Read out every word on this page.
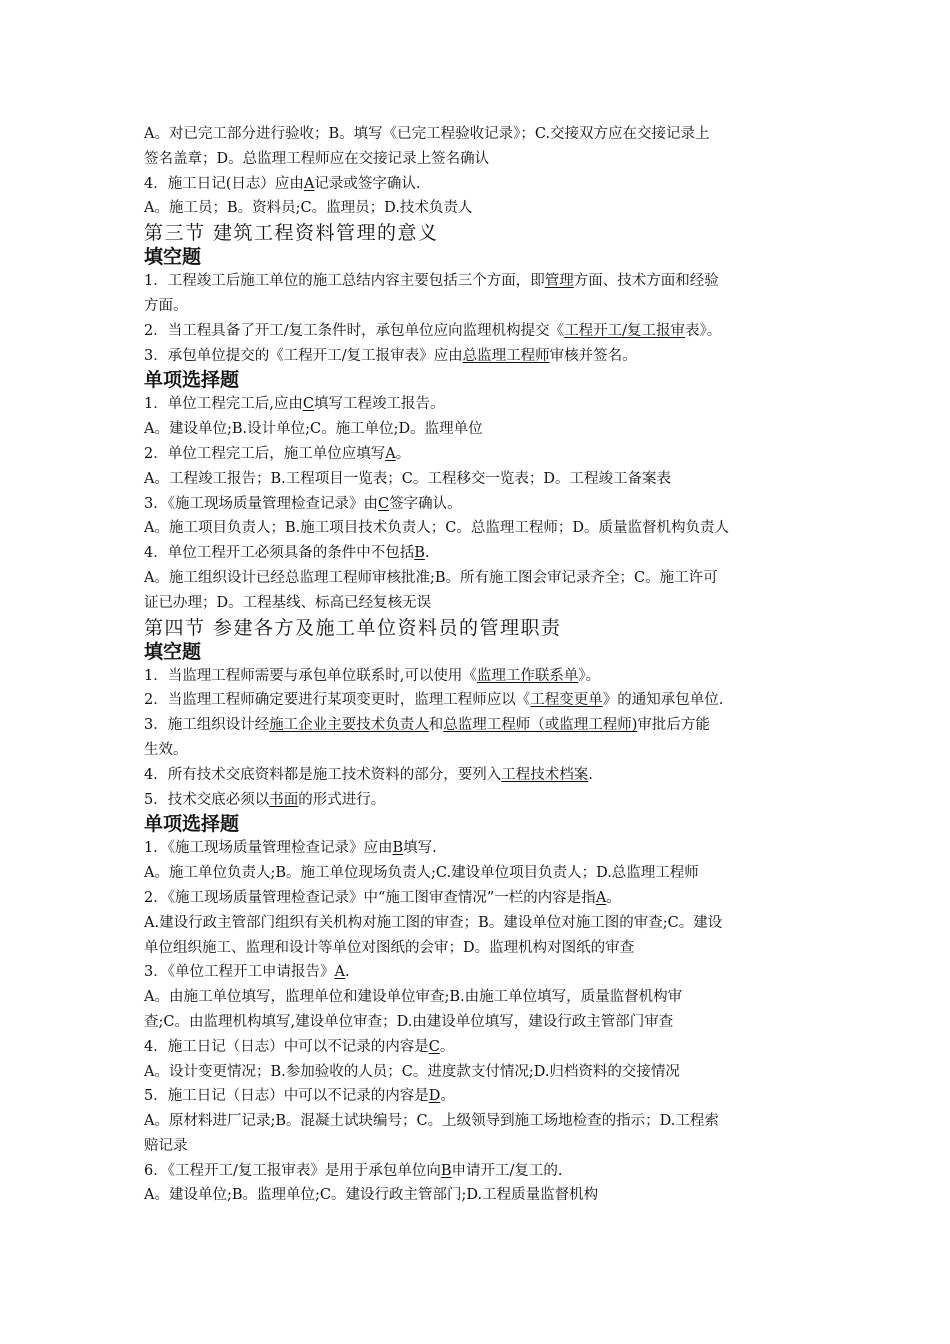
A。对已完工部分进行验收；B。填写《已完工程验收记录》；C.交接双方应在交接记录上
签名盖章；D。总监理工程师应在交接记录上签名确认
4．施工日记(日志）应由A记录或签字确认.
A。施工员；B。资料员;C。监理员；D.技术负责人
第三节 建筑工程资料管理的意义
填空题
1．工程竣工后施工单位的施工总结内容主要包括三个方面，即管理方面、技术方面和经验
方面。
2．当工程具备了开工/复工条件时，承包单位应向监理机构提交《工程开工/复工报审表》。
3．承包单位提交的《工程开工/复工报审表》应由总监理工程师审核并签名。
单项选择题
1．单位工程完工后,应由C填写工程竣工报告。
A。建设单位;B.设计单位;C。施工单位;D。监理单位
2．单位工程完工后，施工单位应填写A。
A。工程竣工报告；B.工程项目一览表；C。工程移交一览表；D。工程竣工备案表
3．《施工现场质量管理检查记录》由C签字确认。
A。施工项目负责人；B.施工项目技术负责人；C。总监理工程师；D。质量监督机构负责人
4．单位工程开工必须具备的条件中不包括B.
A。施工组织设计已经总监理工程师审核批准;B。所有施工图会审记录齐全；C。施工许可
证已办理；D。工程基线、标高已经复核无误
第四节 参建各方及施工单位资料员的管理职责
填空题
1．当监理工程师需要与承包单位联系时,可以使用《监理工作联系单》。
2．当监理工程师确定要进行某项变更时，监理工程师应以《工程变更单》的通知承包单位.
3．施工组织设计经施工企业主要技术负责人和总监理工程师（或监理工程师)审批后方能
生效。
4．所有技术交底资料都是施工技术资料的部分，要列入工程技术档案.
5．技术交底必须以书面的形式进行。
单项选择题
1．《施工现场质量管理检查记录》应由B填写.
A。施工单位负责人;B。施工单位现场负责人;C.建设单位项目负责人；D.总监理工程师
2．《施工现场质量管理检查记录》中“施工图审查情况”一栏的内容是指A。
A.建设行政主管部门组织有关机构对施工图的审查；B。建设单位对施工图的审查;C。建设
单位组织施工、监理和设计等单位对图纸的会审；D。监理机构对图纸的审查
3．《单位工程开工申请报告》A.
A。由施工单位填写，监理单位和建设单位审查;B.由施工单位填写，质量监督机构审
查;C。由监理机构填写,建设单位审查；D.由建设单位填写，建设行政主管部门审查
4．施工日记（日志）中可以不记录的内容是C。
A。设计变更情况；B.参加验收的人员；C。进度款支付情况;D.归档资料的交接情况
5．施工日记（日志）中可以不记录的内容是D。
A。原材料进厂记录;B。混凝土试块编号；C。上级领导到施工场地检查的指示；D.工程索
赔记录
6．《工程开工/复工报审表》是用于承包单位向B申请开工/复工的.
A。建设单位;B。监理单位;C。建设行政主管部门;D.工程质量监督机构
